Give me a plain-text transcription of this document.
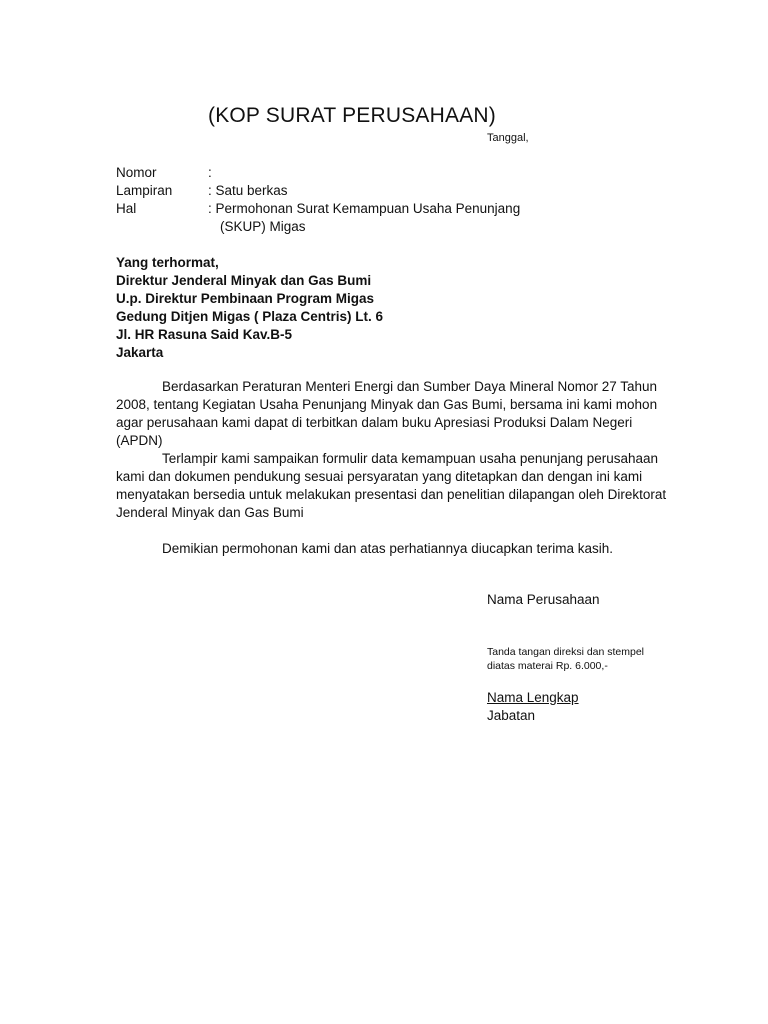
(KOP SURAT PERUSAHAAN)
Tanggal,
Nomor	:
Lampiran	: Satu berkas
Hal	: Permohonan Surat Kemampuan Usaha Penunjang
(SKUP) Migas
Yang terhormat,
Direktur Jenderal Minyak dan Gas Bumi
U.p. Direktur Pembinaan Program Migas
Gedung Ditjen Migas ( Plaza Centris) Lt. 6
Jl. HR Rasuna Said Kav.B-5
Jakarta

Berdasarkan Peraturan Menteri Energi dan Sumber Daya Mineral Nomor 27 Tahun 2008, tentang Kegiatan Usaha Penunjang Minyak dan Gas Bumi, bersama ini kami mohon agar perusahaan kami dapat di terbitkan dalam buku Apresiasi Produksi Dalam Negeri (APDN)

Terlampir kami sampaikan formulir data kemampuan usaha penunjang perusahaan kami dan dokumen pendukung sesuai persyaratan yang ditetapkan dan dengan ini kami menyatakan bersedia untuk melakukan presentasi dan penelitian dilapangan oleh Direktorat Jenderal Minyak dan Gas Bumi

Demikian permohonan kami dan atas perhatiannya diucapkan terima kasih.

Nama Perusahaan
Tanda tangan direksi dan stempel
diatas materai Rp. 6.000,-
Nama Lengkap
Jabatan
